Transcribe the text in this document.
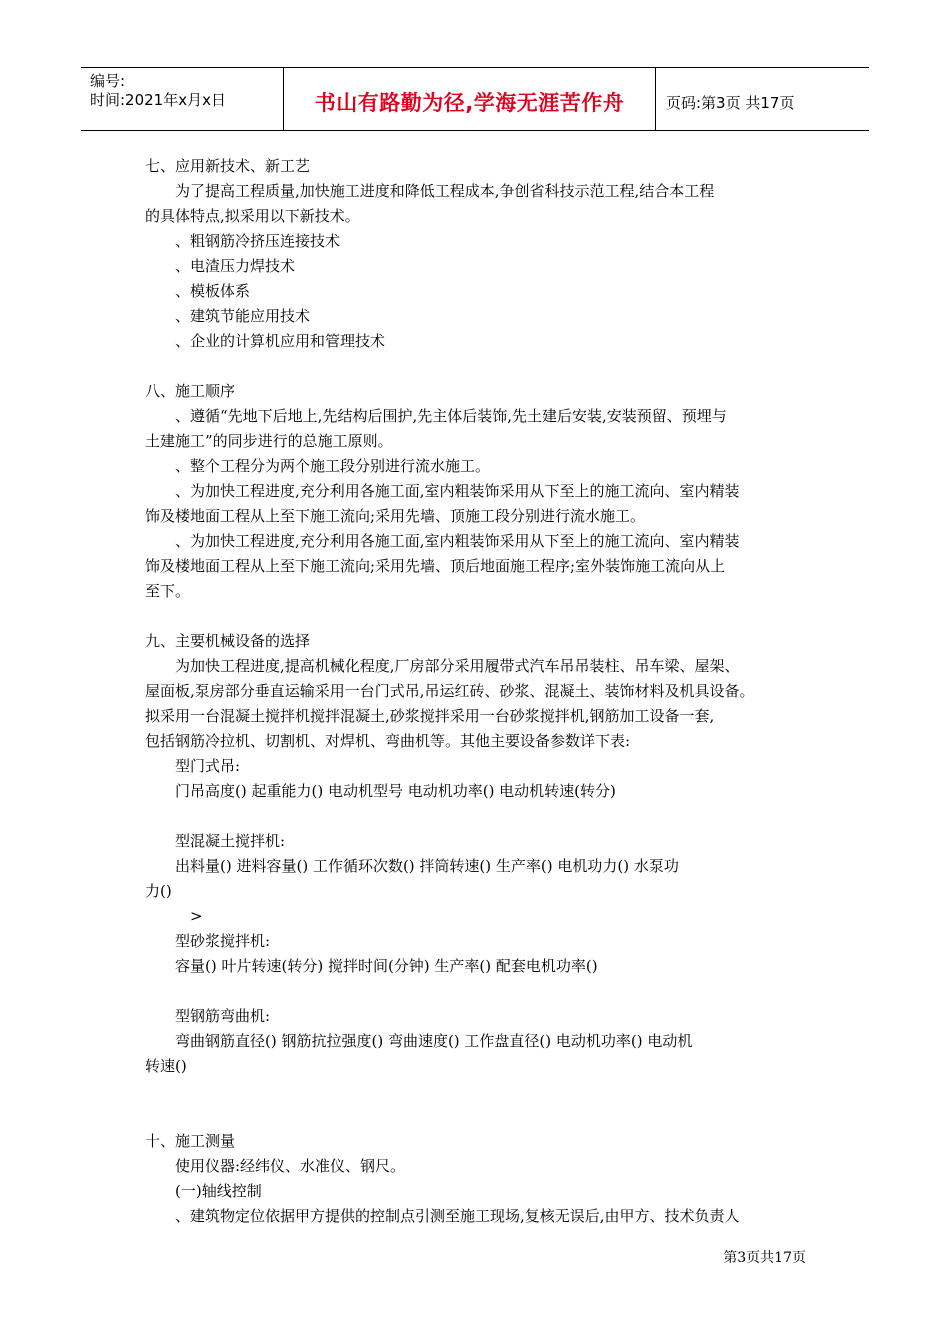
编号:
时间:2021年x月x日	书山有路勤为径,学海无涯苦作舟	页码:第3页 共17页
七、应用新技术、新工艺
为了提高工程质量,加快施工进度和降低工程成本,争创省科技示范工程,结合本工程
的具体特点,拟采用以下新技术。
、粗钢筋冷挤压连接技术
、电渣压力焊技术
、模板体系
、建筑节能应用技术
、企业的计算机应用和管理技术
八、施工顺序
、遵循“先地下后地上,先结构后围护,先主体后装饰,先土建后安装,安装预留、预埋与
土建施工”的同步进行的总施工原则。
、整个工程分为两个施工段分别进行流水施工。
、为加快工程进度,充分利用各施工面,室内粗装饰采用从下至上的施工流向、室内精装
饰及楼地面工程从上至下施工流向;采用先墙、顶施工段分别进行流水施工。
、为加快工程进度,充分利用各施工面,室内粗装饰采用从下至上的施工流向、室内精装
饰及楼地面工程从上至下施工流向;采用先墙、顶后地面施工程序;室外装饰施工流向从上
至下。
九、主要机械设备的选择
为加快工程进度,提高机械化程度,厂房部分采用履带式汽车吊吊装柱、吊车梁、屋架、
屋面板,泵房部分垂直运输采用一台门式吊,吊运红砖、砂浆、混凝土、装饰材料及机具设备。
拟采用一台混凝土搅拌机搅拌混凝土,砂浆搅拌采用一台砂浆搅拌机,钢筋加工设备一套,
包括钢筋冷拉机、切割机、对焊机、弯曲机等。其他主要设备参数详下表:
型门式吊:
门吊高度() 起重能力() 电动机型号 电动机功率() 电动机转速(转分)
型混凝土搅拌机:
出料量() 进料容量() 工作循环次数() 拌筒转速() 生产率() 电机功力() 水泵功
力()
>
型砂浆搅拌机:
容量() 叶片转速(转分) 搅拌时间(分钟) 生产率() 配套电机功率()
型钢筋弯曲机:
弯曲钢筋直径() 钢筋抗拉强度() 弯曲速度() 工作盘直径() 电动机功率() 电动机
转速()
十、施工测量
使用仪器:经纬仪、水准仪、钢尺。
(一)轴线控制
、建筑物定位依据甲方提供的控制点引测至施工现场,复核无误后,由甲方、技术负责人
第3页共17页
